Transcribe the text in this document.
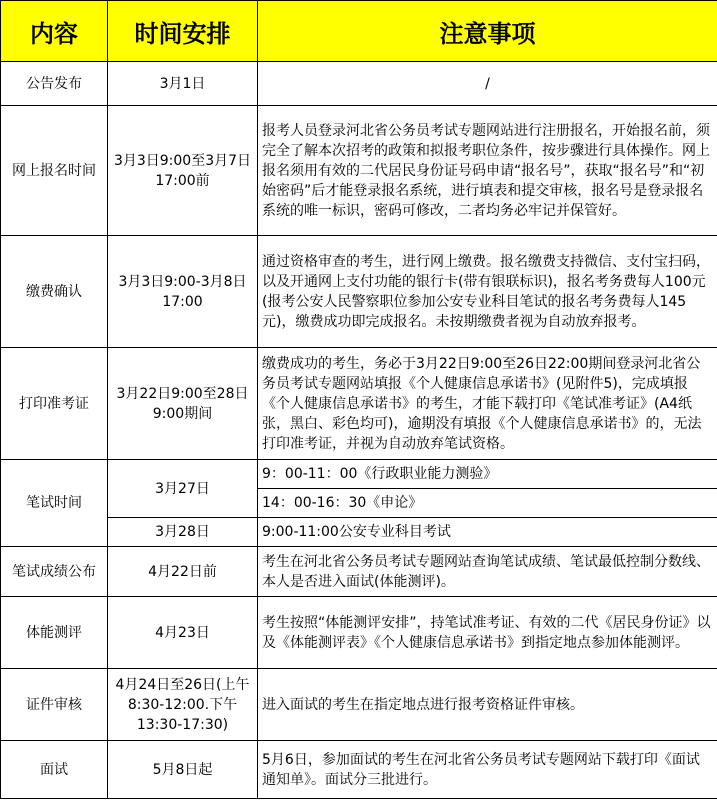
内容	时间安排	注意事项
公告发布	3月1日	/
网上报名时间	3月3日9:00至3月7日17:00前	报考人员登录河北省公务员考试专题网站进行注册报名，开始报名前，须完全了解本次招考的政策和拟报考职位条件，按步骤进行具体操作。网上报名须用有效的二代居民身份证号码申请“报名号”，获取“报名号”和“初始密码”后才能登录报名系统，进行填表和提交审核，报名号是登录报名系统的唯一标识，密码可修改，二者均务必牢记并保管好。
缴费确认	3月3日9:00-3月8日17:00	通过资格审查的考生，进行网上缴费。报名缴费支持微信、支付宝扫码，以及开通网上支付功能的银行卡(带有银联标识)，报名考务费每人100元(报考公安人民警察职位参加公安专业科目笔试的报名考务费每人145元)，缴费成功即完成报名。未按期缴费者视为自动放弃报考。
打印准考证	3月22日9:00至28日9:00期间	缴费成功的考生，务必于3月22日9:00至26日22:00期间登录河北省公务员考试专题网站填报《个人健康信息承诺书》(见附件5)，完成填报《个人健康信息承诺书》的考生，才能下载打印《笔试准考证》(A4纸张，黑白、彩色均可)，逾期没有填报《个人健康信息承诺书》的，无法打印准考证，并视为自动放弃笔试资格。
笔试时间	3月27日	9：00-11：00《行政职业能力测验》
		14：00-16：30《申论》
	3月28日	9:00-11:00公安专业科目考试
笔试成绩公布	4月22日前	考生在河北省公务员考试专题网站查询笔试成绩、笔试最低控制分数线、本人是否进入面试(体能测评)。
体能测评	4月23日	考生按照“体能测评安排”，持笔试准考证、有效的二代《居民身份证》以及《体能测评表》《个人健康信息承诺书》到指定地点参加体能测评。
证件审核	4月24日至26日(上午8:30-12:00.下午13:30-17:30)	进入面试的考生在指定地点进行报考资格证件审核。
面试	5月8日起	5月6日，参加面试的考生在河北省公务员考试专题网站下载打印《面试通知单》。面试分三批进行。
